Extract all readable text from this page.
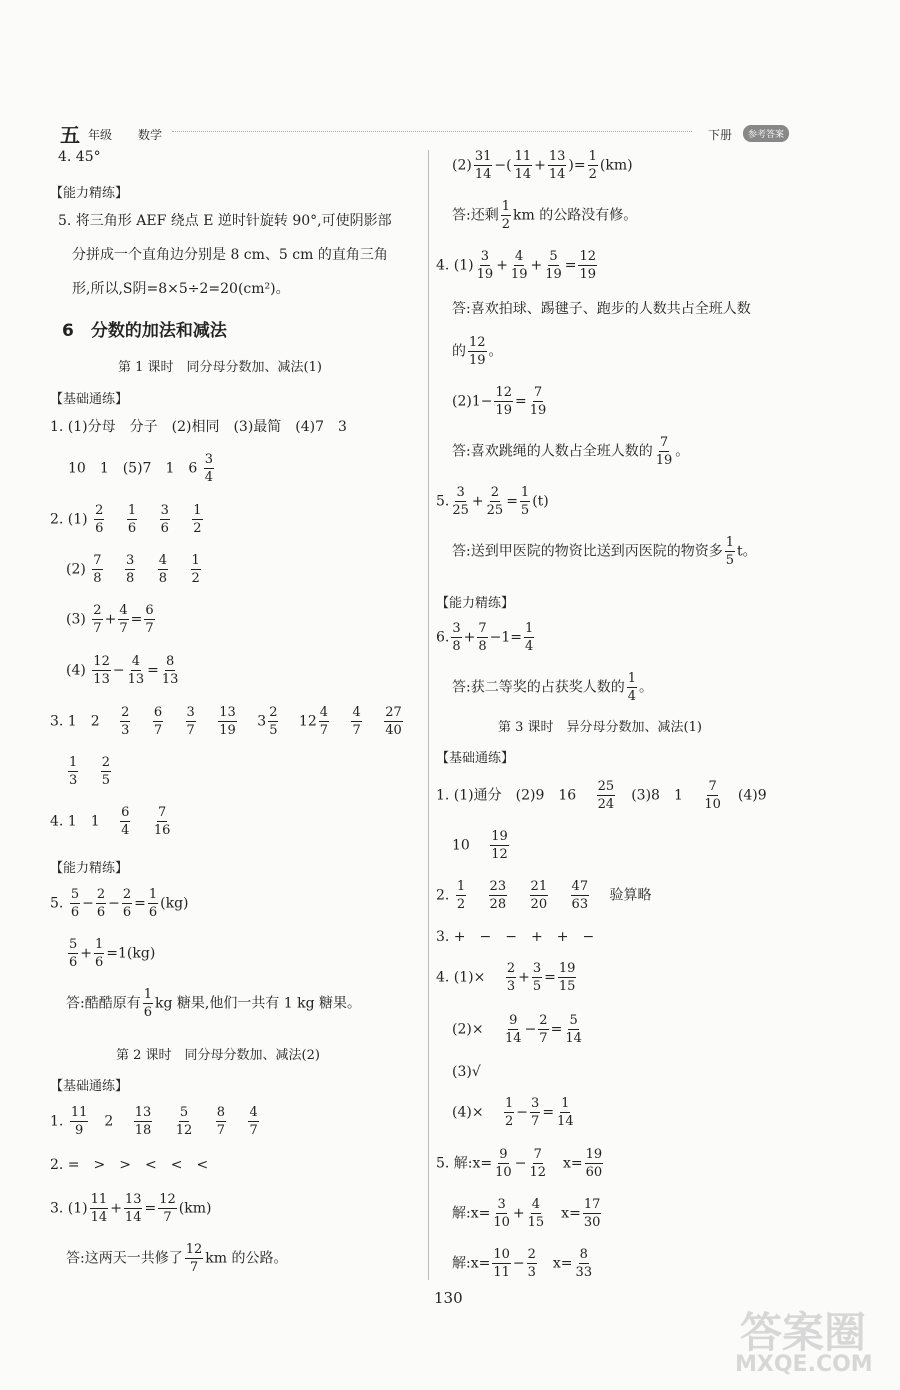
五 年级 数学	下册	参考答案
4. 45°
【能力精练】
5. 将三角形 AEF 绕点 E 逆时针旋转 90°,可使阴影部
分拼成一个直角边分别是 8 cm、5 cm 的直角三角
形,所以,S阴=8×5÷2=20(cm²)。
6　分数的加法和减法
第 1 课时　同分母分数加、减法(1)
【基础通练】
1. (1)分母　分子　(2)相同　(3)最简　(4)7　3
10　1　(5)7　1　$6 \frac{3}{4}$
2. $(1) \frac{2}{6}$
　 $\frac{1}{6}$
　 $\frac{3}{6}$
　 $\frac{1}{2}$
$(2) \frac{7}{8}$
　 $\frac{3}{8}$
　 $\frac{4}{8}$
　 $\frac{1}{2}$
$(3) \frac{2}{7} + \frac{4}{7} = \frac{6}{7}$
$(4) \frac{12}{13} - \frac{4}{13} = \frac{8}{13}$
3. 1　2　 $\frac{2}{3}$
　 $\frac{6}{7}$
　 $\frac{3}{7}$
　 $\frac{13}{19}$ 　 $3 \frac{2}{5}$ 　 $12 \frac{4}{7}$
　 $\frac{4}{7}$
　 $\frac{27}{40}$
$\frac{1}{3}$
　 $\frac{2}{5}$
4. 1　1　 $\frac{6}{4}$
　 $\frac{7}{16}$
【能力精练】
5. $\frac{5}{6} - \frac{2}{6} - \frac{2}{6} = \frac{1}{6} (kg)$
$\frac{5}{6} + \frac{1}{6} =1(kg)$
答:酷酷原有 $\frac{1}{6}$ kg 糖果,他们一共有 1 kg 糖果。
第 2 课时　同分母分数加、减法(2)
【基础通练】
1. $\frac{11}{9}$ 　2　 $\frac{13}{18}$
　 $\frac{5}{12}$
　 $\frac{8}{7}$
　 $\frac{4}{7}$
2. =　>　>　<　<　<
3. $(1) \frac{11}{14} + \frac{13}{14} = \frac{12}{7} (km)$
答:这两天一共修了 $\frac{12}{7}$ km 的公路。
$(2) \frac{31}{14}$ −( $\frac{11}{14} + \frac{13}{14}$ )= $\frac{1}{2} (km)$
答:还剩 $\frac{1}{2}$ km 的公路没有修。
4. $(1) \frac{3}{19} + \frac{4}{19} + \frac{5}{19} = \frac{12}{19}$
答:喜欢拍球、踢毽子、跑步的人数共占全班人数
的 $\frac{12}{19}$ 。
$(2)1- \frac{12}{19} = \frac{7}{19}$
答:喜欢跳绳的人数占全班人数的 $\frac{7}{19}$ 。
5. $\frac{3}{25} + \frac{2}{25} = \frac{1}{5} (t)$
答:送到甲医院的物资比送到丙医院的物资多 $\frac{1}{5}$ t。
【能力精练】
6. $\frac{3}{8} + \frac{7}{8} -1= \frac{1}{4}$
答:获二等奖的占获奖人数的 $\frac{1}{4}$ 。
第 3 课时　异分母分数加、减法(1)
【基础通练】
1. (1)通分　(2)9　16　 $\frac{25}{24}$ 　(3)8　1　 $\frac{7}{10}$ 　(4)9
10　 $\frac{19}{12}$
2. $\frac{1}{2}$
　 $\frac{23}{28}$
　 $\frac{21}{20}$
　 $\frac{47}{63}$
　 验算略
3. +　−　−　+　+　−
4. (1)×　 $\frac{2}{3} + \frac{3}{5} = \frac{19}{15}$
(2)×　 $\frac{9}{14} - \frac{2}{7} = \frac{5}{14}$
(3)√
(4)×　 $\frac{1}{2} - \frac{3}{7} = \frac{1}{14}$
5. 解:x= $\frac{9}{10} - \frac{7}{12}$ 　$x= \frac{19}{60}$
解:x= $\frac{3}{10} + \frac{4}{15}$ 　$x= \frac{17}{30}$
解:x= $\frac{10}{11} - \frac{2}{3}$ 　$x= \frac{8}{33}$
130
答案圈
MXQE.COM
